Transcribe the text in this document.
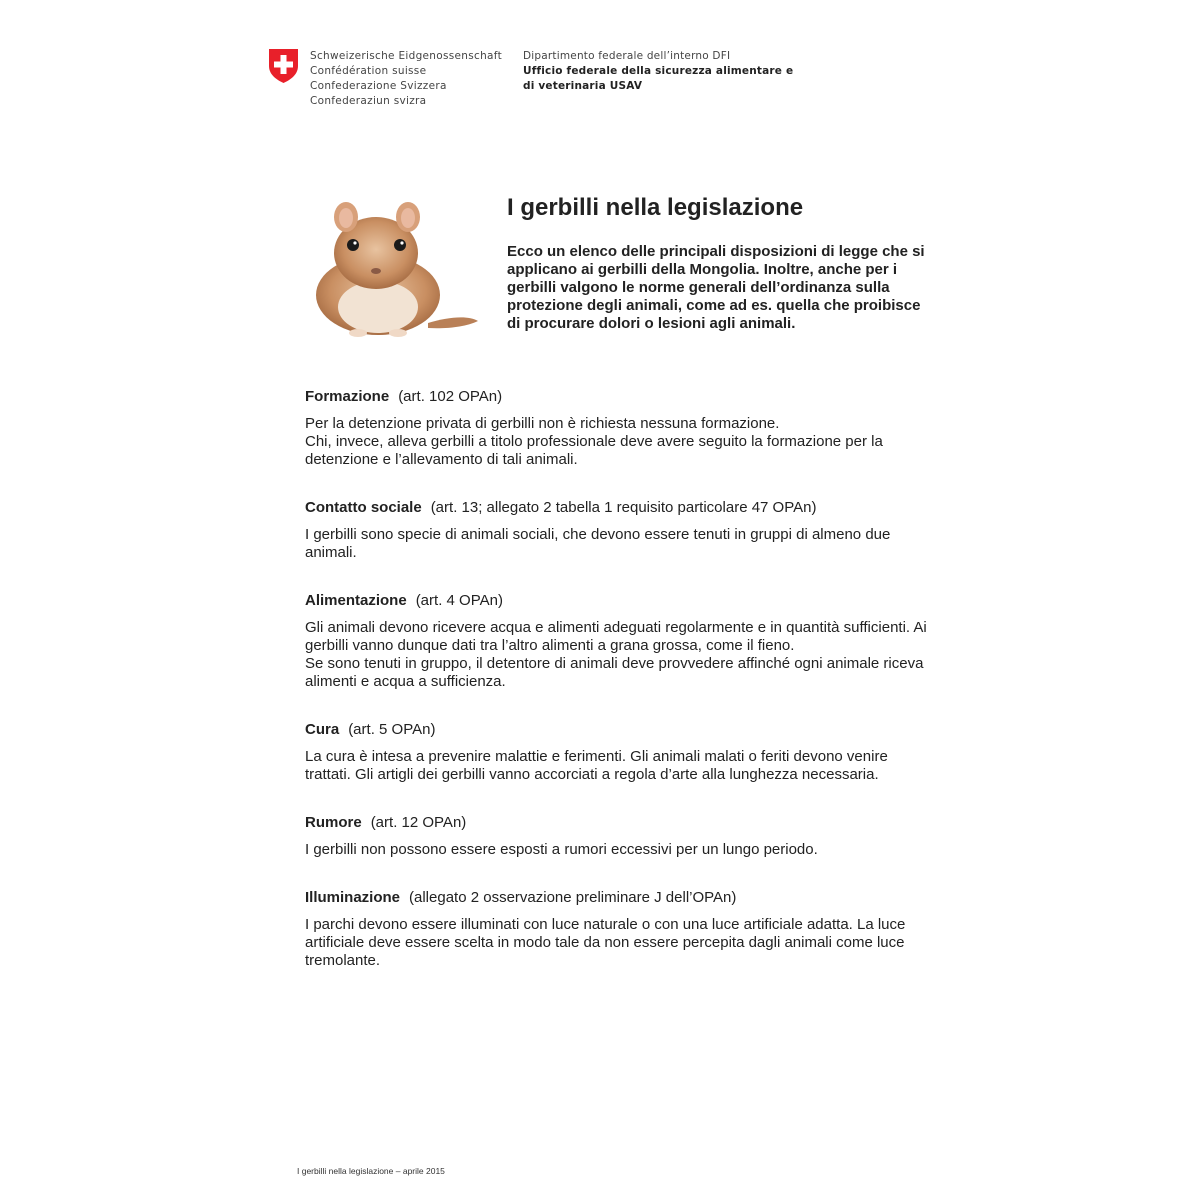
Schweizerische Eidgenossenschaft
Confédération suisse
Confederazione Svizzera
Confederaziun svizra
Dipartimento federale dell’interno DFI
Ufficio federale della sicurezza alimentare e
di veterinaria USAV
I gerbilli nella legislazione

Ecco un elenco delle principali disposizioni di legge che si applicano ai gerbilli della Mongolia. Inoltre, anche per i gerbilli valgono le norme generali dell’ordinanza sulla protezione degli animali, come ad es. quella che proibisce di procurare dolori o lesioni agli animali.

Formazione (art. 102 OPAn)

Per la detenzione privata di gerbilli non è richiesta nessuna formazione.

Chi, invece, alleva gerbilli a titolo professionale deve avere seguito la formazione per la detenzione e l’allevamento di tali animali.

Contatto sociale (art. 13; allegato 2 tabella 1 requisito particolare 47 OPAn)

I gerbilli sono specie di animali sociali, che devono essere tenuti in gruppi di almeno due animali.

Alimentazione (art. 4 OPAn)

Gli animali devono ricevere acqua e alimenti adeguati regolarmente e in quantità sufficienti. Ai gerbilli vanno dunque dati tra l’altro alimenti a grana grossa, come il fieno.

Se sono tenuti in gruppo, il detentore di animali deve provvedere affinché ogni animale riceva alimenti e acqua a sufficienza.

Cura (art. 5 OPAn)

La cura è intesa a prevenire malattie e ferimenti. Gli animali malati o feriti devono venire trattati. Gli artigli dei gerbilli vanno accorciati a regola d’arte alla lunghezza necessaria.

Rumore (art. 12 OPAn)

I gerbilli non possono essere esposti a rumori eccessivi per un lungo periodo.

Illuminazione (allegato 2 osservazione preliminare J dell’OPAn)

I parchi devono essere illuminati con luce naturale o con una luce artificiale adatta. La luce artificiale deve essere scelta in modo tale da non essere percepita dagli animali come luce tremolante.

I gerbilli nella legislazione – aprile 2015
